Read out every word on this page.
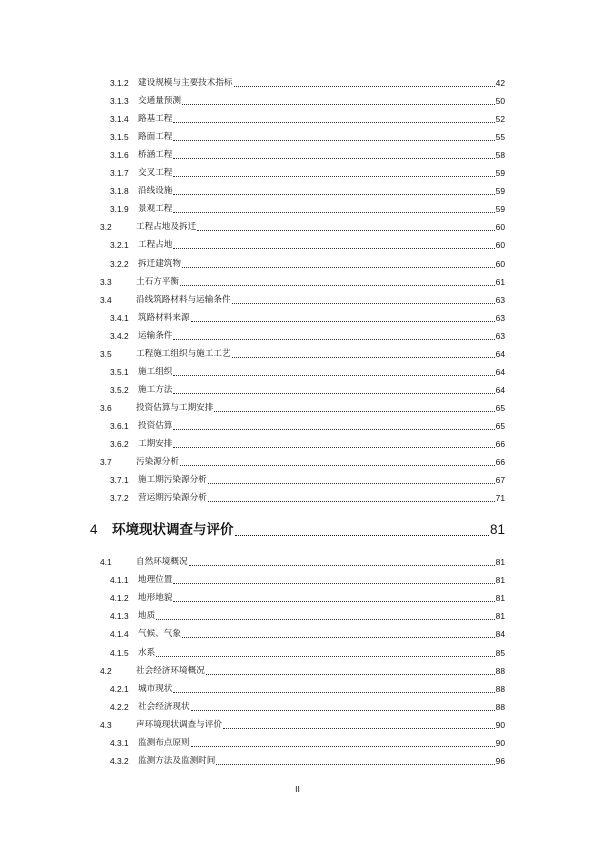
3.1.2	建设规模与主要技术指标	42
3.1.3	交通量预测	50
3.1.4	路基工程	52
3.1.5	路面工程	55
3.1.6	桥涵工程	58
3.1.7	交叉工程	59
3.1.8	沿线设施	59
3.1.9	景观工程	59
3.2	工程占地及拆迁	60
3.2.1	工程占地	60
3.2.2	拆迁建筑物	60
3.3	土石方平衡	61
3.4	沿线筑路材料与运输条件	63
3.4.1	筑路材料来源	63
3.4.2	运输条件	63
3.5	工程施工组织与施工工艺	64
3.5.1	施工组织	64
3.5.2	施工方法	64
3.6	投资估算与工期安排	65
3.6.1	投资估算	65
3.6.2	工期安排	66
3.7	污染源分析	66
3.7.1	施工期污染源分析	67
3.7.2	营运期污染源分析	71
4	环境现状调查与评价	81
4.1	自然环境概况	81
4.1.1	地理位置	81
4.1.2	地形地貌	81
4.1.3	地质	81
4.1.4	气候、气象	84
4.1.5	水系	85
4.2	社会经济环境概况	88
4.2.1	城市现状	88
4.2.2	社会经济现状	88
4.3	声环境现状调查与评价	90
4.3.1	监测布点原则	90
4.3.2	监测方法及监测时间	96
II
